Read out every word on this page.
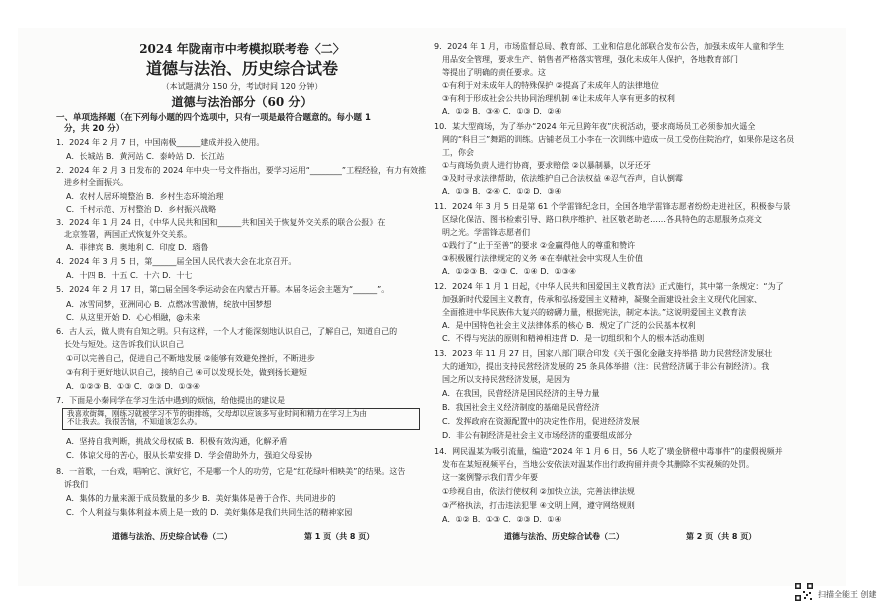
2024 年陇南市中考模拟联考卷〈二〉
道德与法治、历史综合试卷
（本试题满分 150 分，考试时间 120 分钟）
道德与法治部分（60 分）
一、单项选择题（在下列每小题的四个选项中，只有一项是最符合题意的。每小题 1
分，共 20 分）
1．2024 年 2 月 7 日，中国南极______建成并投入使用。
A．长城站 B．黄河站 C．泰岭站 D．长江站
2．2024 年 2 月 3 日发布的 2024 年中央一号文件指出，要学习运用“________”工程经验，有力有效推
进乡村全面振兴。
A．农村人居环境整治 B．乡村生态环境治理
C．千村示范、万村整治 D．乡村振兴战略
3．2024 年 1 月 24 日，《中华人民共和国和______共和国关于恢复外交关系的联合公报》在
北京签署，两国正式恢复外交关系。
A．菲律宾 B．奥地利 C．印度 D．瑙鲁
4．2024 年 3 月 5 日，第______届全国人民代表大会在北京召开。
A．十四 B．十五 C．十六 D．十七
5．2024 年 2 月 17 日，第□届全国冬季运动会在内蒙古开幕。本届冬运会主题为“______”。
A．冰雪同梦，亚洲同心 B．点燃冰雪激情，绽放中国梦想
C．从这里开始 D．心心相融，@未来
6．古人云，做人贵有自知之明。只有这样，一个人才能深刻地认识自己，了解自己，知道自己的
长处与短处。这告诉我们认识自己
①可以完善自己，促进自己不断地发展 ②能够有效避免挫折，不断进步
③有利于更好地认识自己，接纳自己 ④可以发现长处，做到扬长避短
A．①②③ B．①③ C．②③ D．①③④
7．下面是小秦同学在学习生活中遇到的烦恼，给他提出的建议是
我喜欢街舞，刚练习就被学习不节的街排练，父母却以应该多写业时间和精力在学习上为由
不让我去。我很苦恼，不知道该怎么办。
A．坚持自我判断，挑战父母权威 B．积极有效沟通，化解矛盾
C．体谅父母的苦心，服从长辈安排 D．学会借助外力，强迫父母妥协
8．一首歌，一台戏，唱响它、演好它，不是哪一个人的功劳，它是“红花绿叶相映美”的结果。这告
诉我们
A．集体的力量来源于成员数量的多少 B．美好集体是善于合作、共同进步的
C．个人利益与集体利益本质上是一致的 D．美好集体是我们共同生活的精神家园
道德与法治、历史综合试卷（二）	第 1 页（共 8 页）
9．2024 年 1 月，市场监督总局、教育部、工业和信息化部联合发布公告，加强未成年人童和学生
用品安全管理，要求生产、销售者严格落实管理，强化未成年人保护，各地教育部门
等提出了明确的责任要求。这
①有利于对未成年人的特殊保护 ②提高了未成年人的法律地位
③有利于形成社会公共协同治理机制 ④让未成年人享有更多的权利
A．①② B．③④ C．①③ D．②④
10．某大型商场，为了举办“2024 年元旦跨年夜”庆祝活动，要求商场员工必须参加火遥全
网的“科目三”舞蹈的训练。店铺老员工小李在一次训练中造成一员工受伤住院治疗，如果你是这名员
工，你会
①与商场负责人进行协商，要求赔偿 ②以暴制暴，以牙还牙
③及时寻求法律帮助，依法维护自己合法权益 ④忍气吞声，自认倒霉
A．①③ B．②④ C．①② D．③④
11．2024 年 3 月 5 日是第 61 个学雷锋纪念日，全国各地学雷锋志愿者纷纷走进社区，积极参与景
区绿化保洁、图书检索引导、路口秩序维护、社区敬老助老……各具特色的志愿服务点亮文
明之光。学雷锋志愿者们
①践行了“止于至善”的要求 ②金赢得他人的尊重和赞许
③积极履行法律规定的义务 ④在奉献社会中实现人生价值
A．①②③ B．②③ C．①④ D．①③④
12．2024 年 1 月 1 日起，《中华人民共和国爱国主义教育法》正式施行，其中第一条规定：“为了
加强新时代爱国主义教育，传承和弘扬爱国主义精神，凝聚全面建设社会主义现代化国家、
全面推进中华民族伟大复兴的磅礴力量，根据宪法，制定本法。”这说明爱国主义教育法
A．是中国特色社会主义法律体系的核心 B．规定了广泛的公民基本权利
C．不得与宪法的原则和精神相违背 D．是一切组织和个人的根本活动准则
13．2023 年 11 月 27 日，国家八部门联合印发《关于强化金融支持举措 助力民营经济发展壮
大的通知》，提出支持民营经济发展的 25 条具体举措（注：民营经济属于非公有制经济）。我
国之所以支持民营经济发展，是因为
A．在我国，民营经济是国民经济的主导力量
B．我国社会主义经济制度的基础是民营经济
C．发挥政府在资源配置中的决定性作用，促进经济发展
D．非公有制经济是社会主义市场经济的重要组成部分
14．网民温某为吸引流量，编造“2024 年 1 月 6 日，56 人吃了'璜金脐橙中毒事件”的虚假视频并
发布在某短视频平台，当地公安依法对温某作出行政拘留并责令其删除不实视频的处罚。
这一案例警示我们青少年要
①珍视自由，依法行使权利 ②加快立法，完善法律法规
③严格执法，打击违法犯罪 ④文明上网，遵守网络规则
A．①② B．①③ C．②③ D．①④
道德与法治、历史综合试卷（二）	第 2 页（共 8 页）
扫描全能王 创建
